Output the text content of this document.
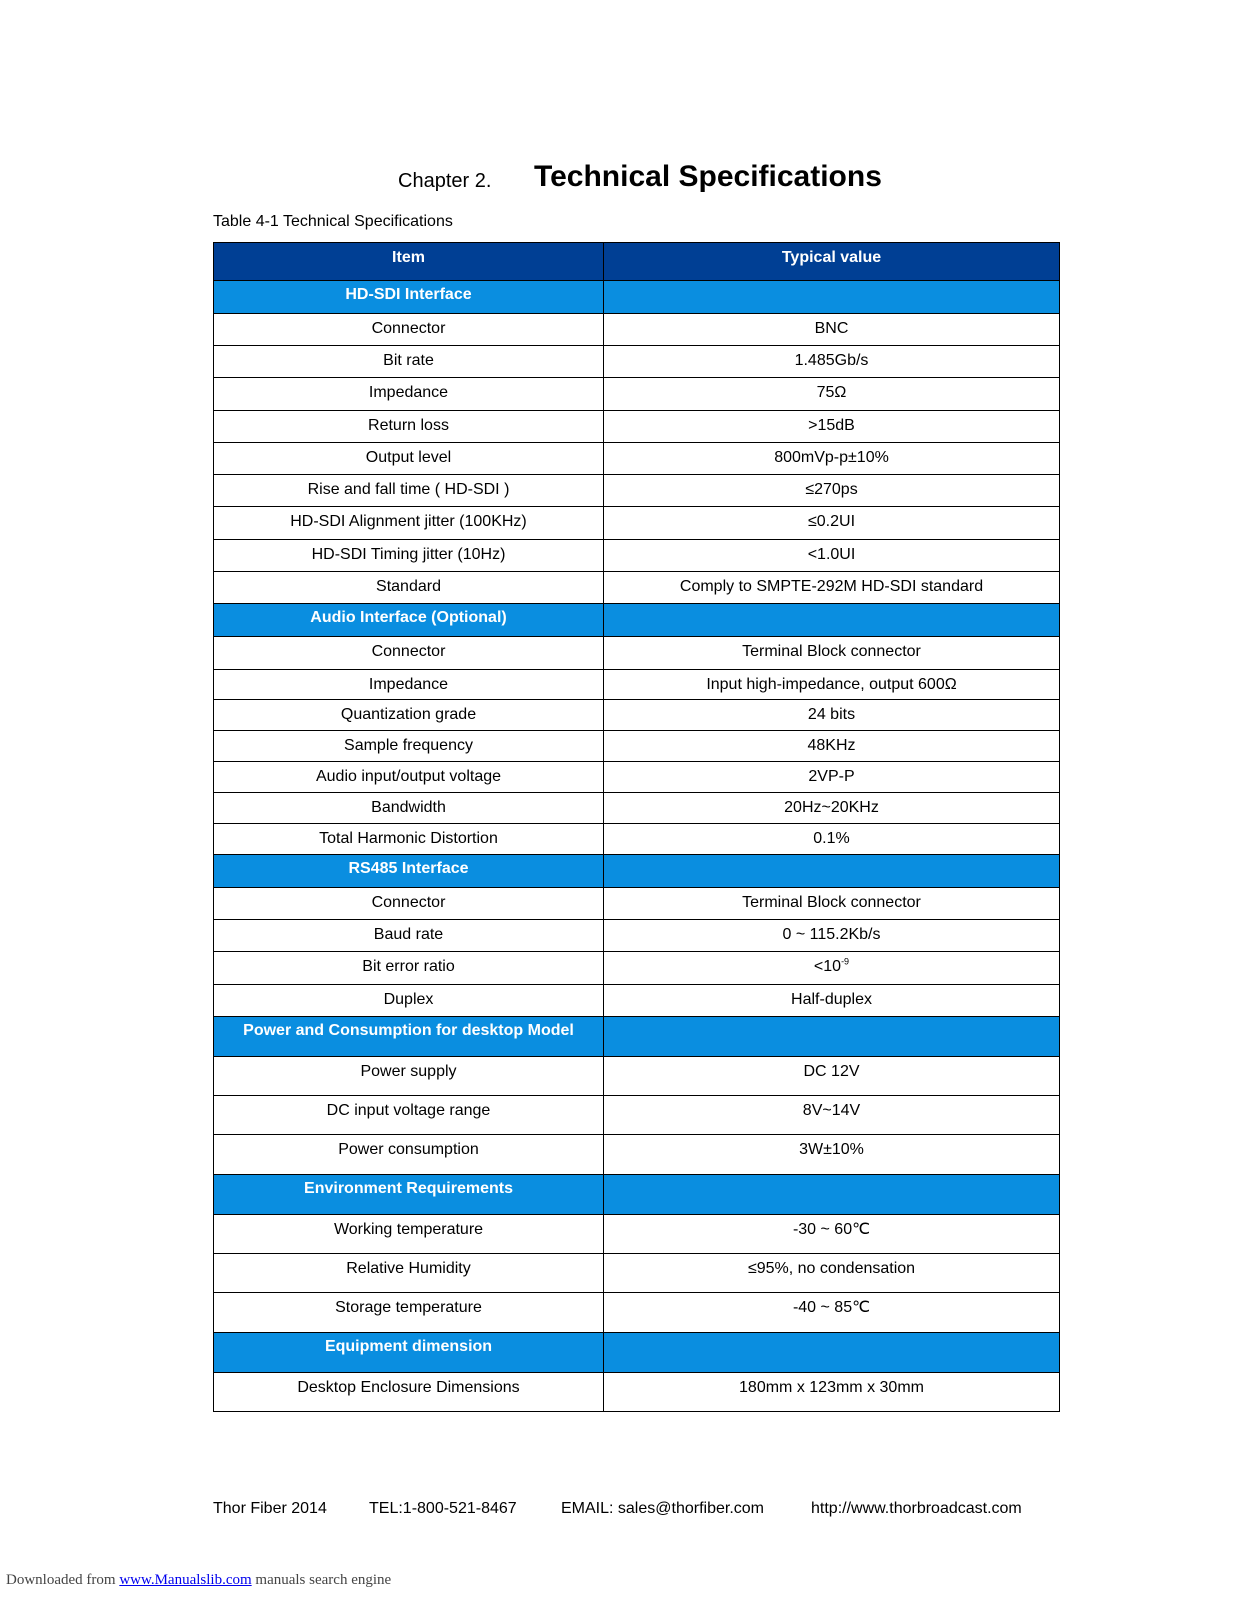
Chapter 2. Technical Specifications
Table 4-1 Technical Specifications
Item	Typical value
HD-SDI Interface	
Connector	BNC
Bit rate	1.485Gb/s
Impedance	75Ω
Return loss	>15dB
Output level	800mVp-p±10%
Rise and fall time ( HD-SDI )	≤270ps
HD-SDI Alignment jitter (100KHz)	≤0.2UI
HD-SDI Timing jitter (10Hz)	<1.0UI
Standard	Comply to SMPTE-292M HD-SDI standard
Audio Interface (Optional)	
Connector	Terminal Block connector
Impedance	Input high-impedance, output 600Ω
Quantization grade	24 bits
Sample frequency	48KHz
Audio input/output voltage	2VP-P
Bandwidth	20Hz~20KHz
Total Harmonic Distortion	0.1%
RS485 Interface	
Connector	Terminal Block connector
Baud rate	0 ~ 115.2Kb/s
Bit error ratio	$<10^{-9}$
Duplex	Half-duplex
Power and Consumption for desktop Model	
Power supply	DC 12V
DC input voltage range	8V~14V
Power consumption	3W±10%
Environment Requirements	
Working temperature	-30 ~ 60℃
Relative Humidity	≤95%, no condensation
Storage temperature	-40 ~ 85℃
Equipment dimension	
Desktop Enclosure Dimensions	180mm x 123mm x 30mm
Thor Fiber 2014	TEL:1-800-521-8467	EMAIL: sales@thorfiber.com	http://www.thorbroadcast.com
Downloaded from www.Manualslib.com manuals search engine
